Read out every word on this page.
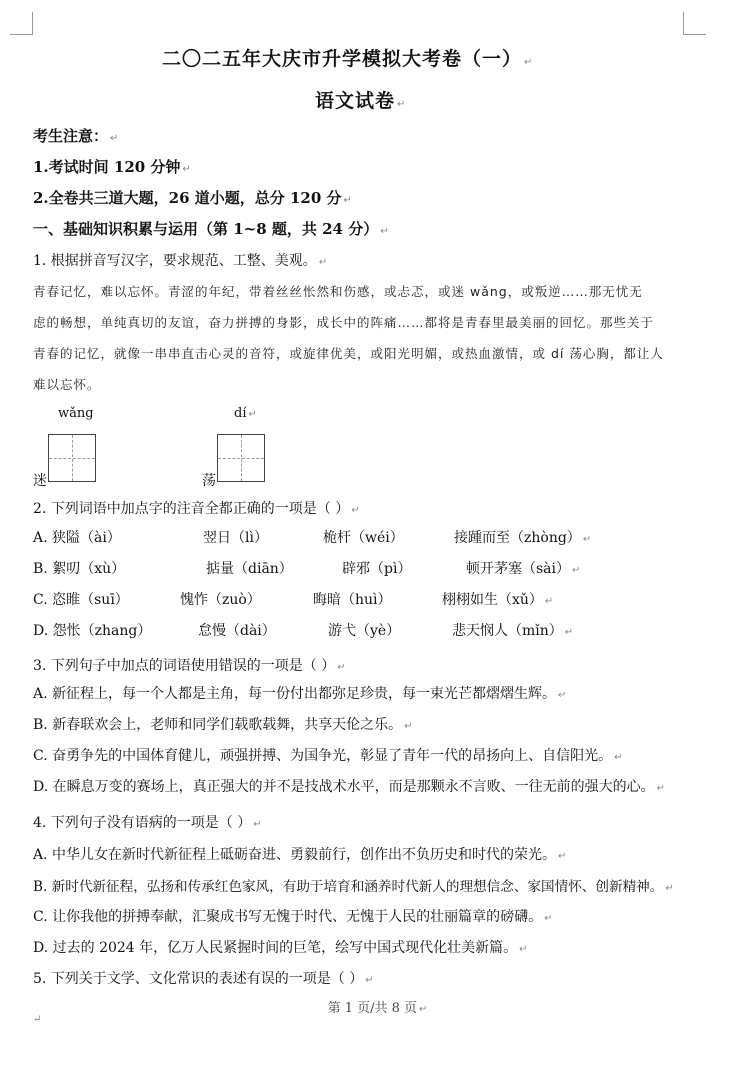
二〇二五年大庆市升学模拟大考卷（一） ↵
语文试卷 ↵
考生注意： ↵
1.考试时间 120 分钟 ↵
2.全卷共三道大题，26 道小题，总分 120 分 ↵
一、基础知识积累与运用（第 1~8 题，共 24 分） ↵
1. 根据拼音写汉字，要求规范、工整、美观。 ↵
青春记忆，难以忘怀。青涩的年纪，带着丝丝怅然和伤感，或忐忑，或迷 wǎng，或叛逆……那无忧无
虑的畅想，单纯真切的友谊，奋力拼搏的身影，成长中的阵痛……都将是青春里最美丽的回忆。那些关于
青春的记忆，就像一串串直击心灵的音符，或旋律优美，或阳光明媚，或热血激情，或 dí 荡心胸，都让人
难以忘怀。
wǎng
迷
dí ↵
荡
2. 下列词语中加点字的注音全都正确的一项是（ ） ↵
A. 狭隘（ài）	翌日（lì）	桅杆（wéi）	接踵而至（zhòng） ↵
B. 絮叨（xù）	掂量（diān）	辟邪（pì）	顿开茅塞（sài） ↵
C. 恣睢（suī）	愧怍（zuò）	晦暗（huì）	栩栩如生（xǔ） ↵
D. 怨怅（zhang）	怠慢（dài）	游弋（yè）	悲天悯人（mǐn） ↵
3. 下列句子中加点的词语使用错误的一项是（ ） ↵
A. 新征程上，每一个人都是主角，每一份付出都弥足珍贵，每一束光芒都熠熠生辉。 ↵
B. 新春联欢会上，老师和同学们载歌载舞，共享天伦之乐。 ↵
C. 奋勇争先的中国体育健儿，顽强拼搏、为国争光，彰显了青年一代的昂扬向上、自信阳光。 ↵
D. 在瞬息万变的赛场上，真正强大的并不是技战术水平，而是那颗永不言败、一往无前的强大的心。 ↵
4. 下列句子没有语病的一项是（ ） ↵
A. 中华儿女在新时代新征程上砥砺奋进、勇毅前行，创作出不负历史和时代的荣光。 ↵
B. 新时代新征程，弘扬和传承红色家风，有助于培育和涵养时代新人的理想信念、家国情怀、创新精神。 ↵
C. 让你我他的拼搏奉献，汇聚成书写无愧于时代、无愧于人民的壮丽篇章的磅礴。 ↵
D. 过去的 2024 年，亿万人民紧握时间的巨笔，绘写中国式现代化壮美新篇。 ↵
5. 下列关于文学、文化常识的表述有误的一项是（ ） ↵
第 1 页/共 8 页 ↵
↵
